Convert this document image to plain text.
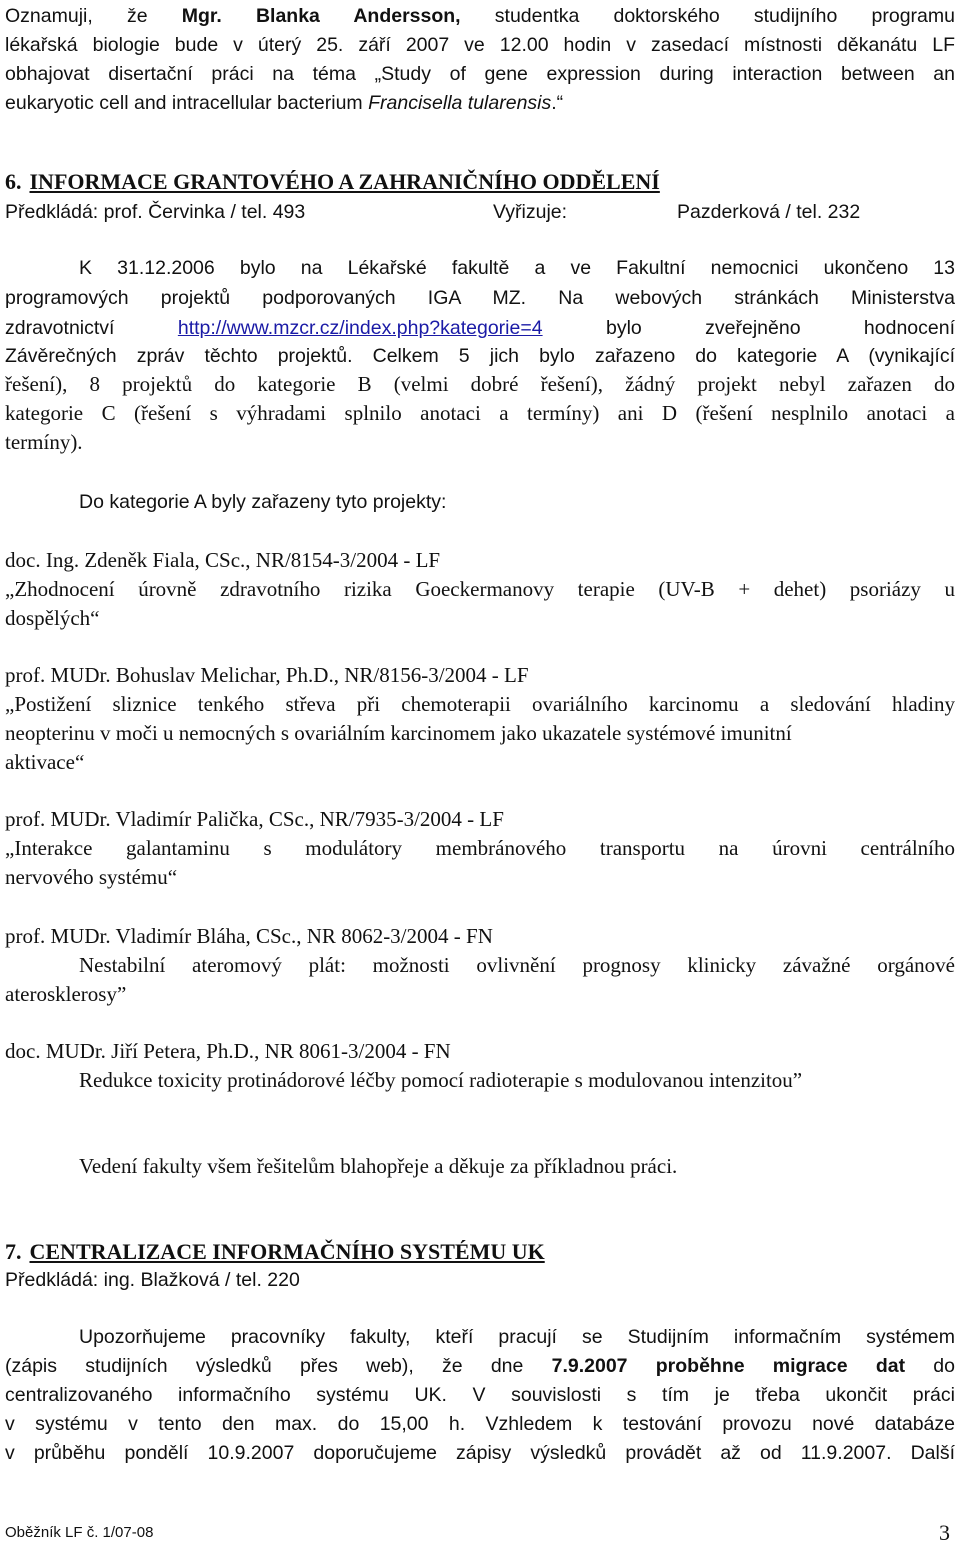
Oznamuji, že Mgr. Blanka Andersson, studentka doktorského studijního programu
lékařská biologie bude v úterý 25. září 2007 ve 12.00 hodin v zasedací místnosti děkanátu LF
obhajovat disertační práci na téma „Study of gene expression during interaction between an
eukaryotic cell and intracellular bacterium Francisella tularensis.“
6. INFORMACE GRANTOVÉHO A ZAHRANIČNÍHO ODDĚLENÍ
Předkládá: prof. Červinka / tel. 493	Vyřizuje:	Pazderková / tel. 232
K 31.12.2006 bylo na Lékařské fakultě a ve Fakultní nemocnici ukončeno 13
programových projektů podporovaných IGA MZ. Na webových stránkách Ministerstva
zdravotnictví	http://www.mzcr.cz/index.php?kategorie=4	bylo zveřejněno hodnocení
Závěrečných zpráv těchto projektů. Celkem 5 jich bylo zařazeno do kategorie A (vynikající
řešení), 8 projektů do kategorie B (velmi dobré řešení), žádný projekt nebyl zařazen do
kategorie C (řešení s výhradami splnilo anotaci a termíny) ani D (řešení nesplnilo anotaci a
termíny).
Do kategorie A byly zařazeny tyto projekty:
doc. Ing. Zdeněk Fiala, CSc., NR/8154-3/2004 - LF
„Zhodnocení úrovně zdravotního rizika Goeckermanovy terapie (UV-B + dehet) psoriázy u
dospělých“
prof. MUDr. Bohuslav Melichar, Ph.D., NR/8156-3/2004 - LF
„Postižení sliznice tenkého střeva při chemoterapii ovariálního karcinomu a sledování hladiny
neopterinu v moči u nemocných s ovariálním karcinomem jako ukazatele systémové imunitní
aktivace“
prof. MUDr. Vladimír Palička, CSc., NR/7935-3/2004 - LF
„Interakce galantaminu s modulátory membránového transportu na úrovni centrálního
nervového systému“
prof. MUDr. Vladimír Bláha, CSc., NR 8062-3/2004 - FN
Nestabilní ateromový plát: možnosti ovlivnění prognosy klinicky závažné orgánové
aterosklerosy”
doc. MUDr. Jiří Petera, Ph.D., NR 8061-3/2004 - FN
Redukce toxicity protinádorové léčby pomocí radioterapie s modulovanou intenzitou”
Vedení fakulty všem řešitelům blahopřeje a děkuje za příkladnou práci.
7. CENTRALIZACE INFORMAČNÍHO SYSTÉMU UK
Předkládá: ing. Blažková / tel. 220
Upozorňujeme pracovníky fakulty, kteří pracují se Studijním informačním systémem
(zápis studijních výsledků přes web), že dne 7.9.2007 proběhne migrace dat do
centralizovaného informačního systému UK. V souvislosti s tím je třeba ukončit práci
v systému v tento den max. do 15,00 h. Vzhledem k testování provozu nové databáze
v průběhu pondělí 10.9.2007 doporučujeme zápisy výsledků provádět až od 11.9.2007. Další
Oběžník LF č. 1/07-08	3
